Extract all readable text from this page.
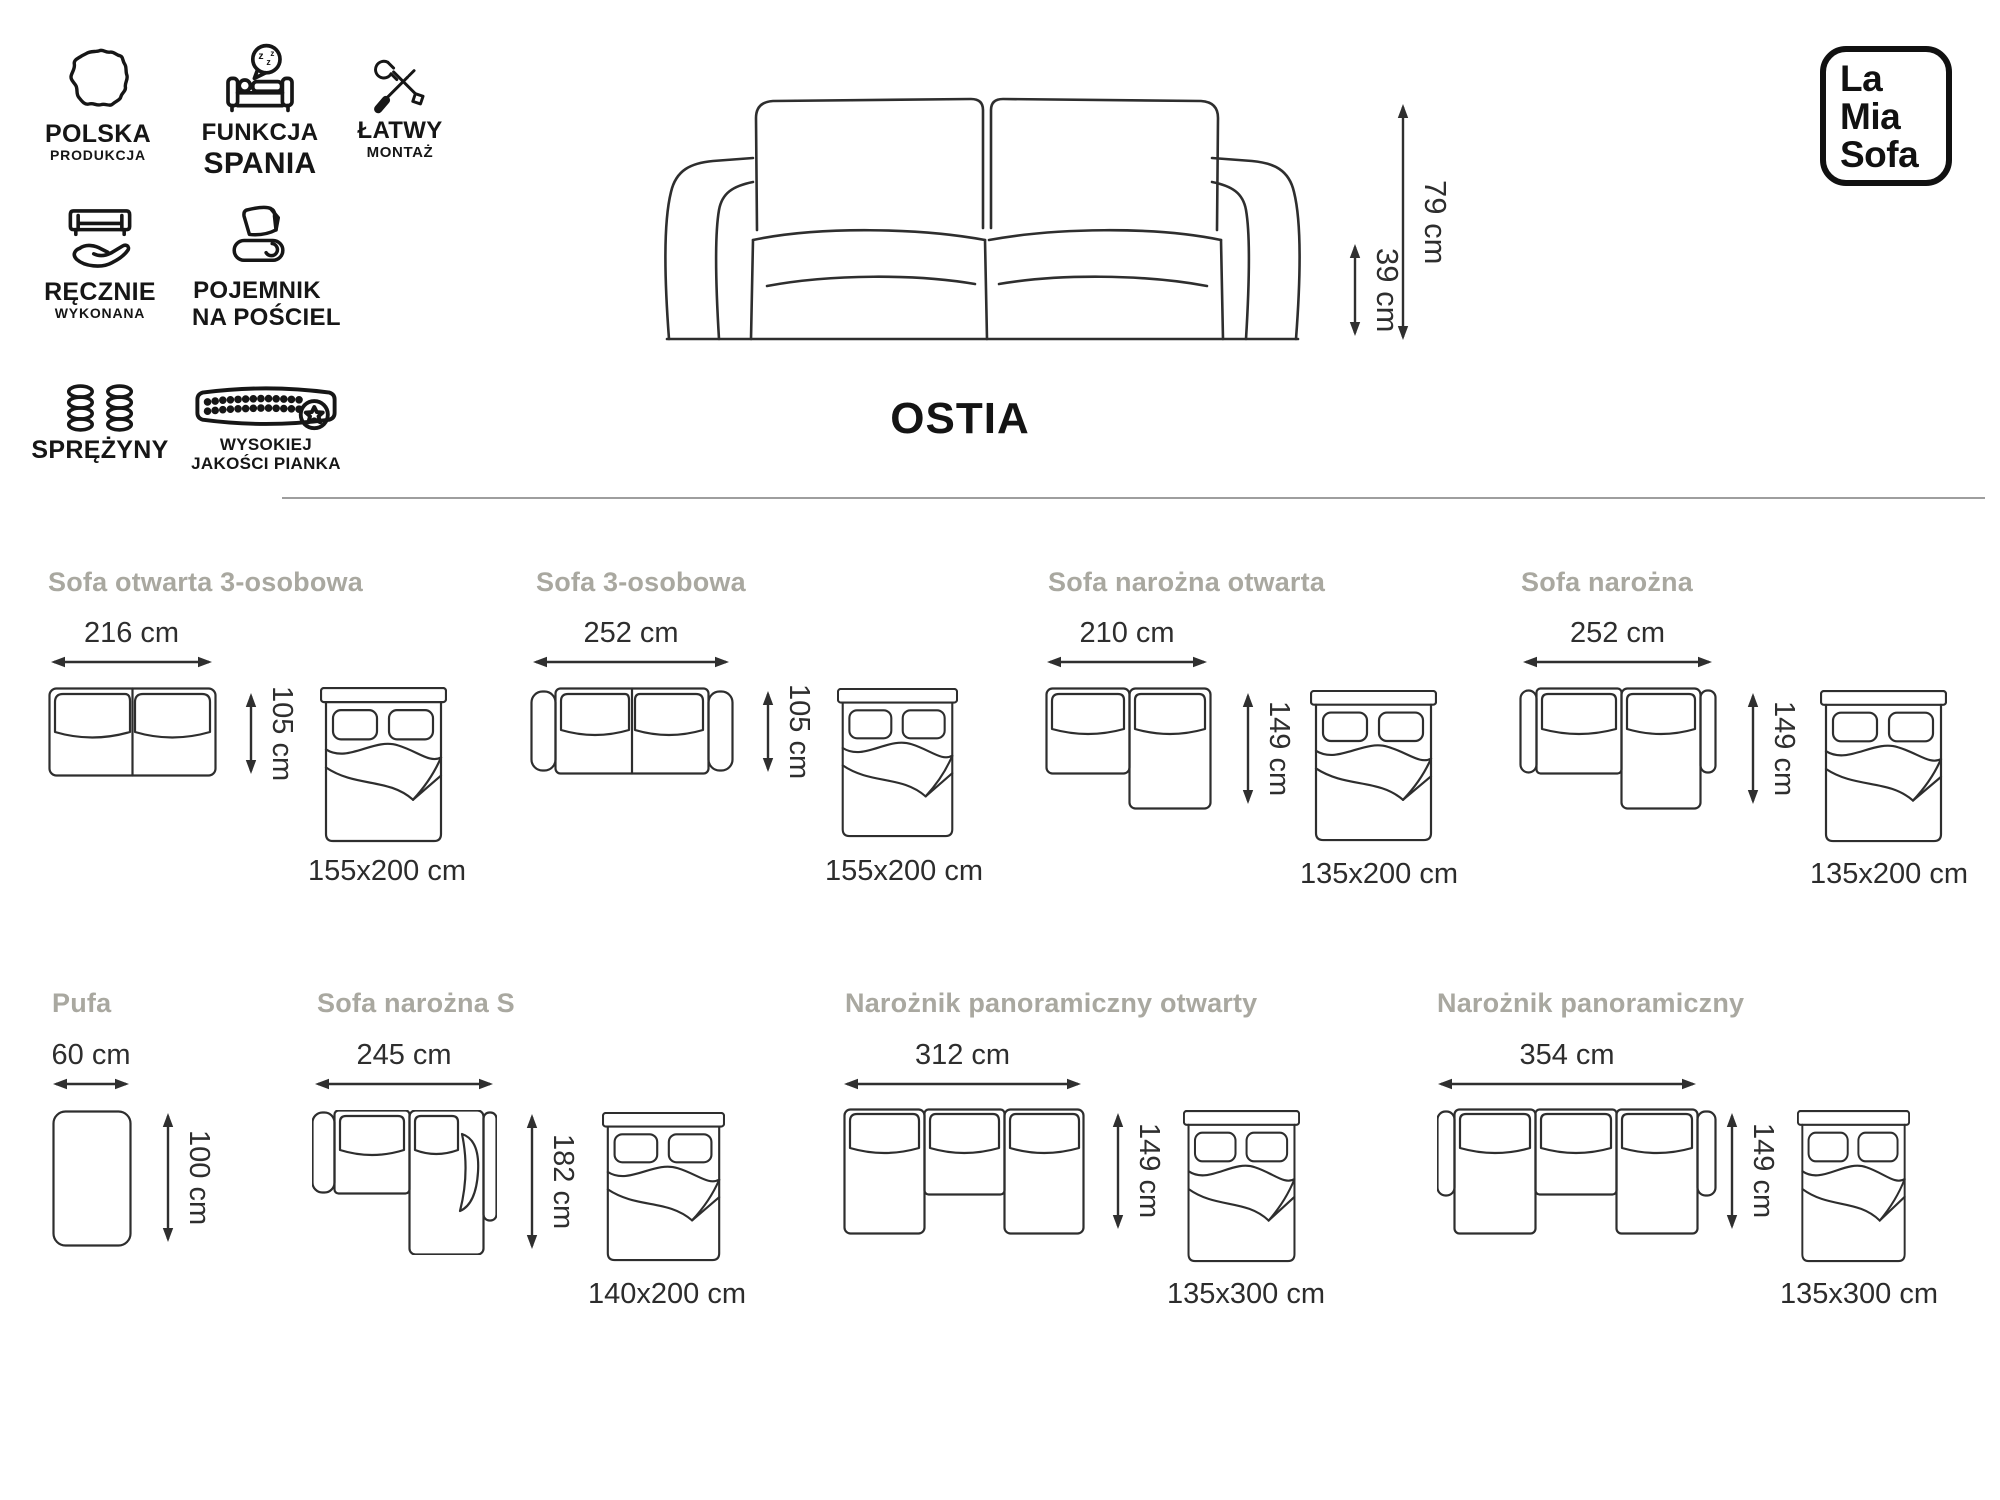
POLSKA
PRODUKCJA
z z
z
FUNKCJA
SPANIA
ŁATWY
MONTAŻ
RĘCZNIE
WYKONANA
POJEMNIK
NA POŚCIEL
SPRĘŻYNY	WYSOKIEJ
JAKOŚCI PIANKA
79 cm
39 cm
La
Mia
Sofa
OSTIA
Sofa otwarta 3-osobowa
216 cm
105 cm
155x200 cm
Sofa 3-osobowa
252 cm
105 cm
155x200 cm
Sofa narożna otwarta
210 cm
149 cm
135x200 cm
Sofa narożna
252 cm
149 cm
135x200 cm
Pufa
60 cm
100 cm
Sofa narożna S
245 cm
182 cm
140x200 cm
Narożnik panoramiczny otwarty
312 cm
149 cm
135x300 cm
Narożnik panoramiczny
354 cm
149 cm
135x300 cm
